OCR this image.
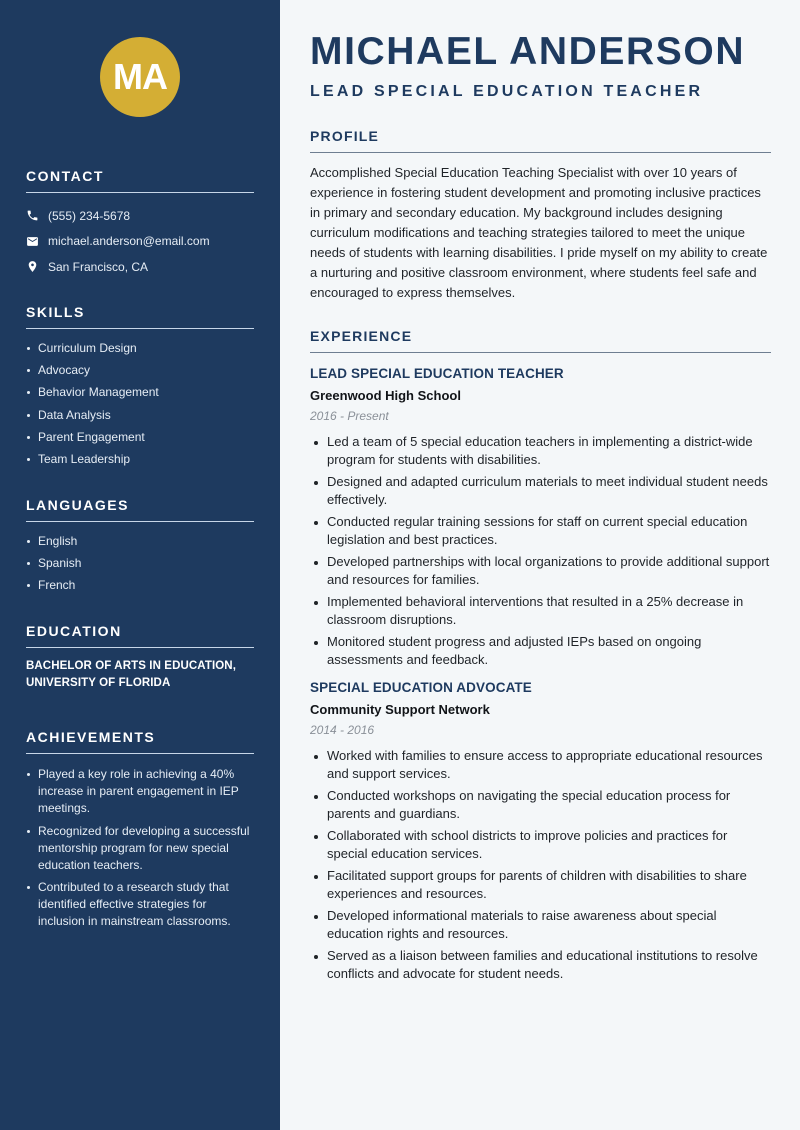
MA
CONTACT
(555) 234-5678
michael.anderson@email.com
San Francisco, CA
SKILLS
Curriculum Design
Advocacy
Behavior Management
Data Analysis
Parent Engagement
Team Leadership
LANGUAGES
English
Spanish
French
EDUCATION

BACHELOR OF ARTS IN EDUCATION, UNIVERSITY OF FLORIDA

ACHIEVEMENTS
Played a key role in achieving a 40% increase in parent engagement in IEP meetings.
Recognized for developing a successful mentorship program for new special education teachers.
Contributed to a research study that identified effective strategies for inclusion in mainstream classrooms.
MICHAEL ANDERSON
LEAD SPECIAL EDUCATION TEACHER
PROFILE

Accomplished Special Education Teaching Specialist with over 10 years of experience in fostering student development and promoting inclusive practices in primary and secondary education. My background includes designing curriculum modifications and teaching strategies tailored to meet the unique needs of students with learning disabilities. I pride myself on my ability to create a nurturing and positive classroom environment, where students feel safe and encouraged to express themselves.

EXPERIENCE
LEAD SPECIAL EDUCATION TEACHER
Greenwood High School
2016 - Present
Led a team of 5 special education teachers in implementing a district-wide program for students with disabilities.
Designed and adapted curriculum materials to meet individual student needs effectively.
Conducted regular training sessions for staff on current special education legislation and best practices.
Developed partnerships with local organizations to provide additional support and resources for families.
Implemented behavioral interventions that resulted in a 25% decrease in classroom disruptions.
Monitored student progress and adjusted IEPs based on ongoing assessments and feedback.
SPECIAL EDUCATION ADVOCATE
Community Support Network
2014 - 2016
Worked with families to ensure access to appropriate educational resources and support services.
Conducted workshops on navigating the special education process for parents and guardians.
Collaborated with school districts to improve policies and practices for special education services.
Facilitated support groups for parents of children with disabilities to share experiences and resources.
Developed informational materials to raise awareness about special education rights and resources.
Served as a liaison between families and educational institutions to resolve conflicts and advocate for student needs.
